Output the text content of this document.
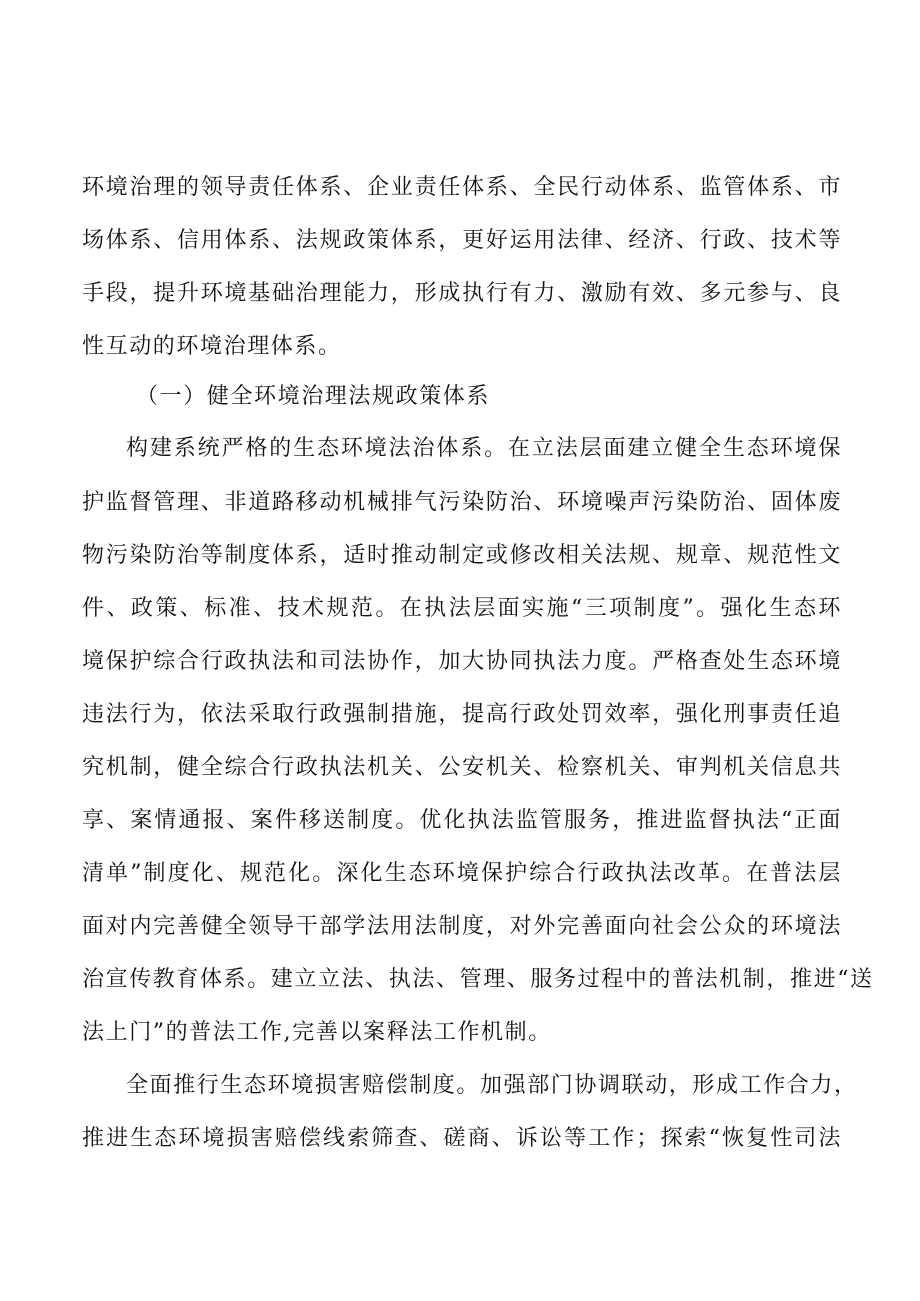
环境治理的领导责任体系、企业责任体系、全民行动体系、监管体系、市
场体系、信用体系、法规政策体系，更好运用法律、经济、行政、技术等
手段，提升环境基础治理能力，形成执行有力、激励有效、多元参与、良
性互动的环境治理体系。
（一）健全环境治理法规政策体系
构建系统严格的生态环境法治体系。在立法层面建立健全生态环境保
护监督管理、非道路移动机械排气污染防治、环境噪声污染防治、固体废
物污染防治等制度体系，适时推动制定或修改相关法规、规章、规范性文
件、政策、标准、技术规范。在执法层面实施“三项制度”。强化生态环
境保护综合行政执法和司法协作，加大协同执法力度。严格查处生态环境
违法行为，依法采取行政强制措施，提高行政处罚效率，强化刑事责任追
究机制，健全综合行政执法机关、公安机关、检察机关、审判机关信息共
享、案情通报、案件移送制度。优化执法监管服务，推进监督执法“正面
清单”制度化、规范化。深化生态环境保护综合行政执法改革。在普法层
面对内完善健全领导干部学法用法制度，对外完善面向社会公众的环境法
治宣传教育体系。建立立法、执法、管理、服务过程中的普法机制，推进“送
法上门”的普法工作,完善以案释法工作机制。
全面推行生态环境损害赔偿制度。加强部门协调联动，形成工作合力，
推进生态环境损害赔偿线索筛查、磋商、诉讼等工作；探索“恢复性司法
